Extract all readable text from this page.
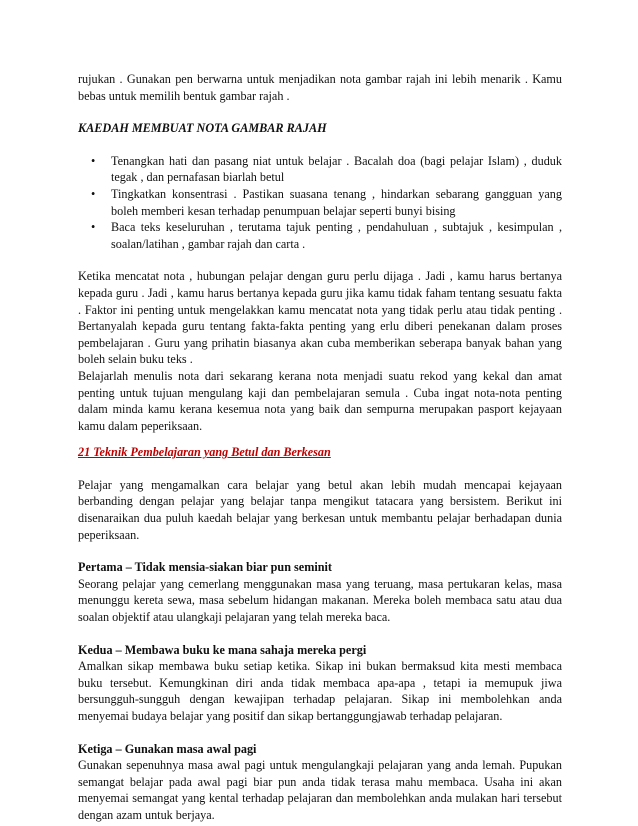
rujukan . Gunakan pen berwarna untuk menjadikan nota gambar rajah ini lebih menarik . Kamu bebas untuk memilih bentuk gambar rajah .

KAEDAH MEMBUAT NOTA GAMBAR RAJAH

• Tenangkan hati dan pasang niat untuk belajar . Bacalah doa (bagi pelajar Islam) , duduk tegak , dan pernafasan biarlah betul
• Tingkatkan konsentrasi . Pastikan suasana tenang , hindarkan sebarang gangguan yang boleh memberi kesan terhadap penumpuan belajar seperti bunyi bising
• Baca teks keseluruhan , terutama tajuk penting , pendahuluan , subtajuk , kesimpulan , soalan/latihan , gambar rajah dan carta .

Ketika mencatat nota , hubungan pelajar dengan guru perlu dijaga . Jadi , kamu harus bertanya kepada guru . Jadi , kamu harus bertanya kepada guru jika kamu tidak faham tentang sesuatu fakta . Faktor ini penting untuk mengelakkan kamu mencatat nota yang tidak perlu atau tidak penting . Bertanyalah kepada guru tentang fakta-fakta penting yang erlu diberi penekanan dalam proses pembelajaran . Guru yang prihatin biasanya akan cuba memberikan seberapa banyak bahan yang boleh selain buku teks .

Belajarlah menulis nota dari sekarang kerana nota menjadi suatu rekod yang kekal dan amat penting untuk tujuan mengulang kaji dan pembelajaran semula . Cuba ingat nota-nota penting dalam minda kamu kerana kesemua nota yang baik dan sempurna merupakan pasport kejayaan kamu dalam peperiksaan.

21 Teknik Pembelajaran yang Betul dan Berkesan

Pelajar yang mengamalkan cara belajar yang betul akan lebih mudah mencapai kejayaan berbanding dengan pelajar yang belajar tanpa mengikut tatacara yang bersistem. Berikut ini disenaraikan dua puluh kaedah belajar yang berkesan untuk membantu pelajar berhadapan dunia peperiksaan.

Pertama – Tidak mensia-siakan biar pun seminit

Seorang pelajar yang cemerlang menggunakan masa yang teruang, masa pertukaran kelas, masa menunggu kereta sewa, masa sebelum hidangan makanan. Mereka boleh membaca satu atau dua soalan objektif atau ulangkaji pelajaran yang telah mereka baca.

Kedua – Membawa buku ke mana sahaja mereka pergi

Amalkan sikap membawa buku setiap ketika. Sikap ini bukan bermaksud kita mesti membaca buku tersebut. Kemungkinan diri anda tidak membaca apa-apa , tetapi ia memupuk jiwa bersungguh-sungguh dengan kewajipan terhadap pelajaran. Sikap ini membolehkan anda menyemai budaya belajar yang positif dan sikap bertanggungjawab terhadap pelajaran.

Ketiga – Gunakan masa awal pagi

Gunakan sepenuhnya masa awal pagi untuk mengulangkaji pelajaran yang anda lemah. Pupukan semangat belajar pada awal pagi biar pun anda tidak terasa mahu membaca. Usaha ini akan menyemai semangat yang kental terhadap pelajaran dan membolehkan anda mulakan hari tersebut dengan azam untuk berjaya.
